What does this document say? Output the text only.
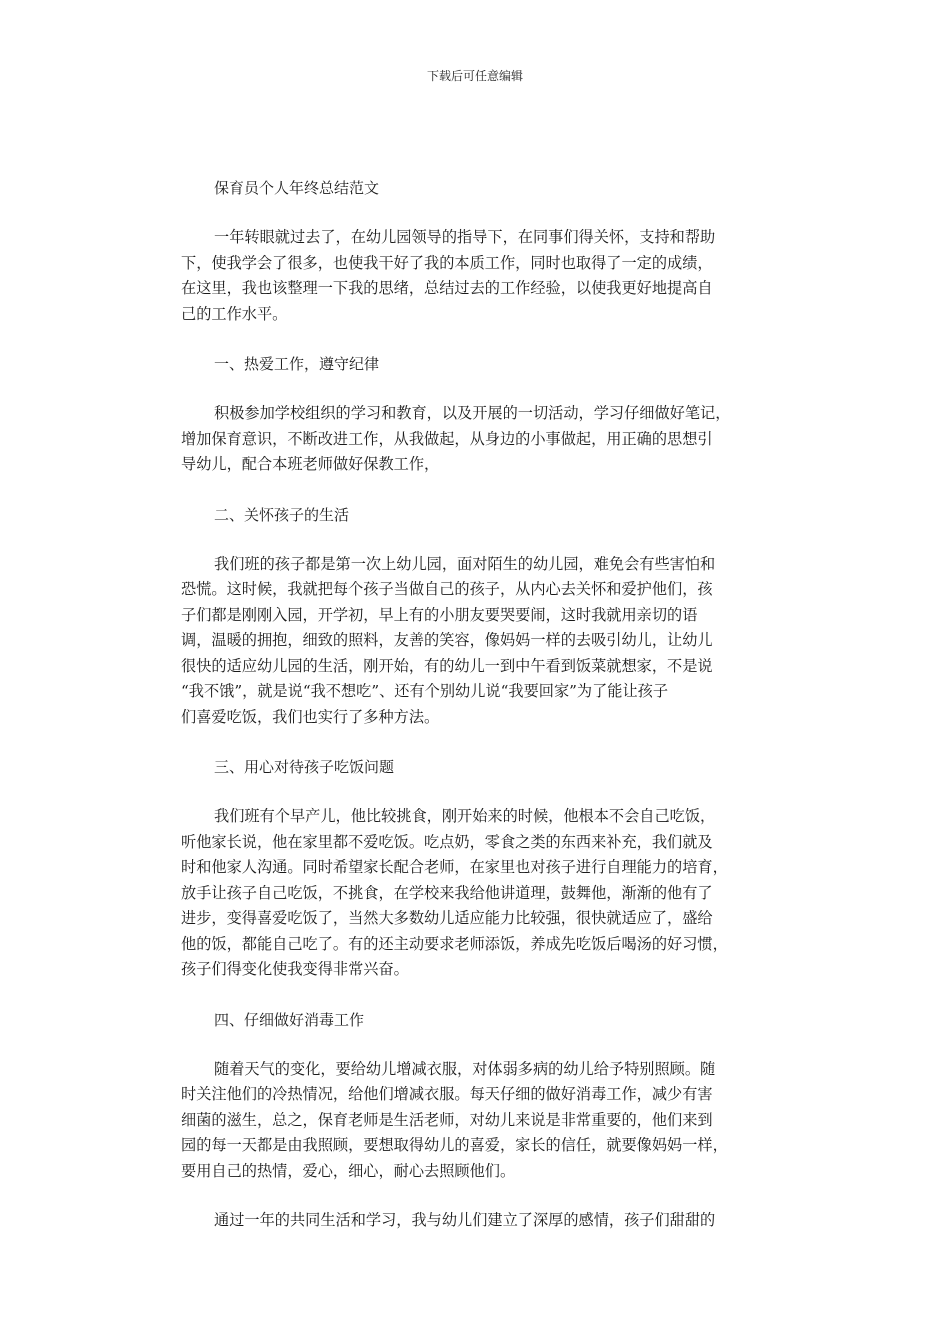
下载后可任意编辑

保育员个人年终总结范文

一年转眼就过去了，在幼儿园领导的指导下，在同事们得关怀，支持和帮助
下，使我学会了很多，也使我干好了我的本质工作，同时也取得了一定的成绩，
在这里，我也该整理一下我的思绪，总结过去的工作经验，以使我更好地提高自
己的工作水平。

一、热爱工作，遵守纪律

积极参加学校组织的学习和教育，以及开展的一切活动，学习仔细做好笔记，
增加保育意识，不断改进工作，从我做起，从身边的小事做起，用正确的思想引
导幼儿，配合本班老师做好保教工作，

二、关怀孩子的生活

我们班的孩子都是第一次上幼儿园，面对陌生的幼儿园，难免会有些害怕和
恐慌。这时候，我就把每个孩子当做自己的孩子，从内心去关怀和爱护他们，孩
子们都是刚刚入园，开学初，早上有的小朋友要哭要闹，这时我就用亲切的语
调，温暖的拥抱，细致的照料，友善的笑容，像妈妈一样的去吸引幼儿，让幼儿
很快的适应幼儿园的生活，刚开始，有的幼儿一到中午看到饭菜就想家，不是说
“我不饿”，就是说“我不想吃”、还有个别幼儿说“我要回家”为了能让孩子
们喜爱吃饭，我们也实行了多种方法。

三、用心对待孩子吃饭问题

我们班有个早产儿，他比较挑食，刚开始来的时候，他根本不会自己吃饭，
听他家长说，他在家里都不爱吃饭。吃点奶，零食之类的东西来补充，我们就及
时和他家人沟通。同时希望家长配合老师，在家里也对孩子进行自理能力的培育，
放手让孩子自己吃饭，不挑食，在学校来我给他讲道理，鼓舞他，渐渐的他有了
进步，变得喜爱吃饭了，当然大多数幼儿适应能力比较强，很快就适应了，盛给
他的饭，都能自己吃了。有的还主动要求老师添饭，养成先吃饭后喝汤的好习惯，
孩子们得变化使我变得非常兴奋。

四、仔细做好消毒工作

随着天气的变化，要给幼儿增减衣服，对体弱多病的幼儿给予特别照顾。随
时关注他们的冷热情况，给他们增减衣服。每天仔细的做好消毒工作，减少有害
细菌的滋生，总之，保育老师是生活老师，对幼儿来说是非常重要的，他们来到
园的每一天都是由我照顾，要想取得幼儿的喜爱，家长的信任，就要像妈妈一样，
要用自己的热情，爱心，细心，耐心去照顾他们。
通过一年的共同生活和学习，我与幼儿们建立了深厚的感情，孩子们甜甜的
